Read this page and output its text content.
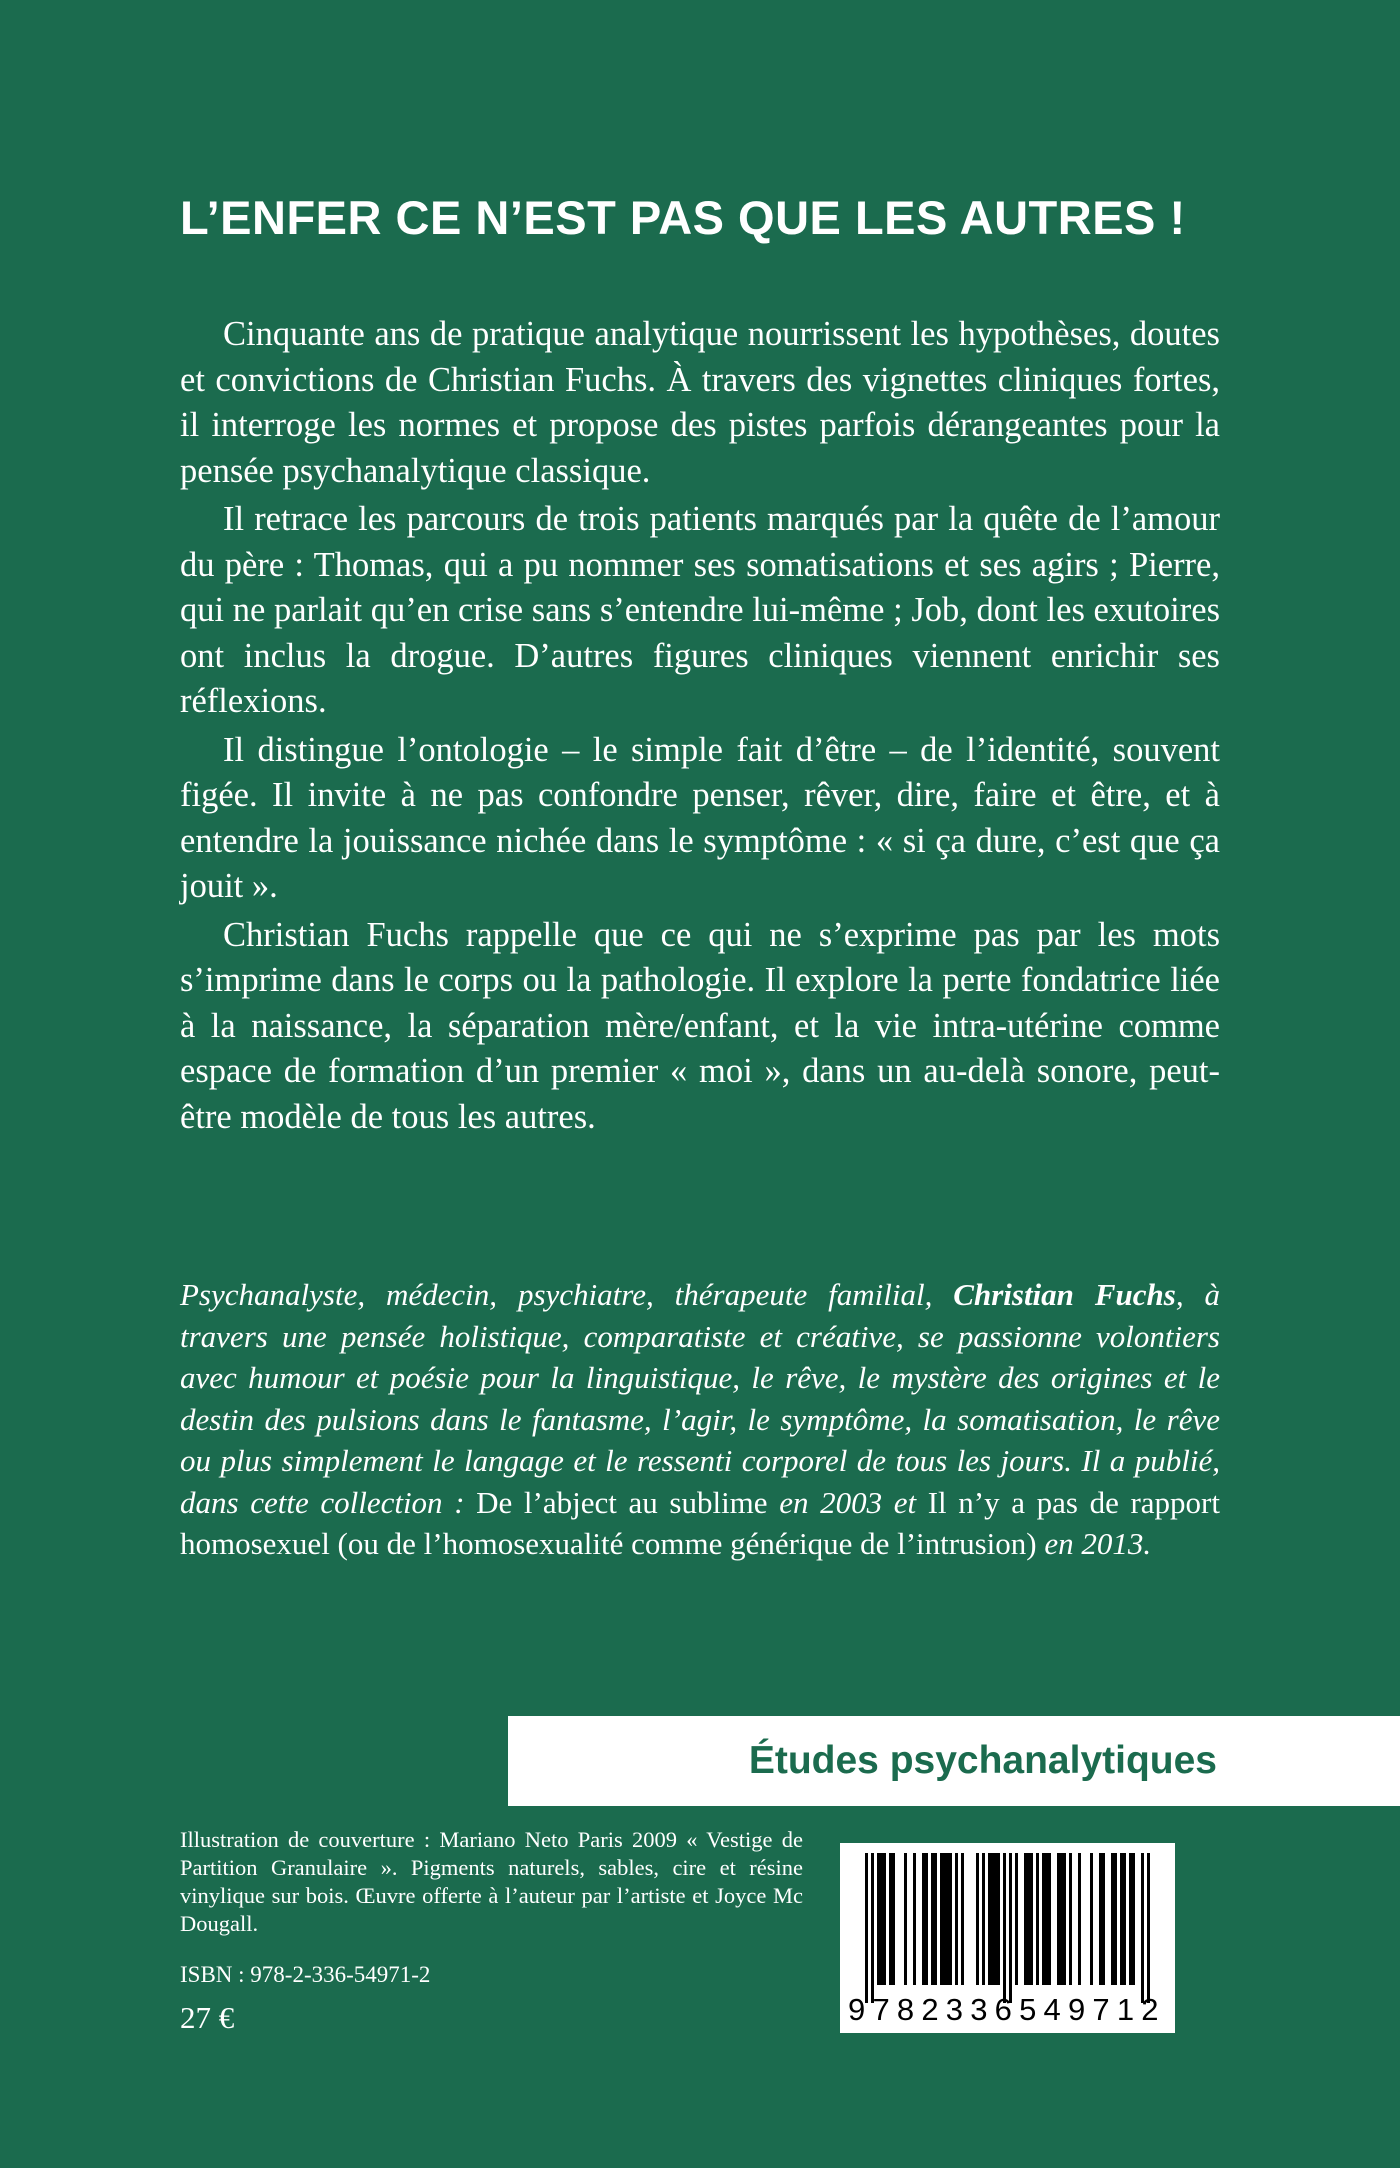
L’ENFER CE N’EST PAS QUE LES AUTRES !

Cinquante ans de pratique analytique nourrissent les hypothèses, doutes et convictions de Christian Fuchs. À travers des vignettes cliniques fortes, il interroge les normes et propose des pistes parfois dérangeantes pour la pensée psychanalytique classique.

Il retrace les parcours de trois patients marqués par la quête de l’amour du père : Thomas, qui a pu nommer ses somatisations et ses agirs ; Pierre, qui ne parlait qu’en crise sans s’entendre lui-même ; Job, dont les exutoires ont inclus la drogue. D’autres figures cliniques viennent enrichir ses réflexions.

Il distingue l’ontologie – le simple fait d’être – de l’identité, souvent figée. Il invite à ne pas confondre penser, rêver, dire, faire et être, et à entendre la jouissance nichée dans le symptôme : « si ça dure, c’est que ça jouit ».

Christian Fuchs rappelle que ce qui ne s’exprime pas par les mots s’imprime dans le corps ou la pathologie. Il explore la perte fondatrice liée à la naissance, la séparation mère/enfant, et la vie intra-utérine comme espace de formation d’un premier « moi », dans un au-delà sonore, peut-être modèle de tous les autres.

Psychanalyste, médecin, psychiatre, thérapeute familial, Christian Fuchs, à travers une pensée holistique, comparatiste et créative, se passionne volontiers avec humour et poésie pour la linguistique, le rêve, le mystère des origines et le destin des pulsions dans le fantasme, l’agir, le symptôme, la somatisation, le rêve ou plus simplement le langage et le ressenti corporel de tous les jours. Il a publié, dans cette collection : De l’abject au sublime en 2003 et Il n’y a pas de rapport homosexuel (ou de l’homosexualité comme générique de l’intrusion) en 2013.
Études psychanalytiques
Illustration de couverture : Mariano Neto Paris 2009 « Vestige de Partition Granulaire ». Pigments naturels, sables, cire et résine vinylique sur bois. Œuvre offerte à l’auteur par l’artiste et Joyce Mc Dougall.
ISBN : 978-2-336-54971-2
27 €	9782336549712
